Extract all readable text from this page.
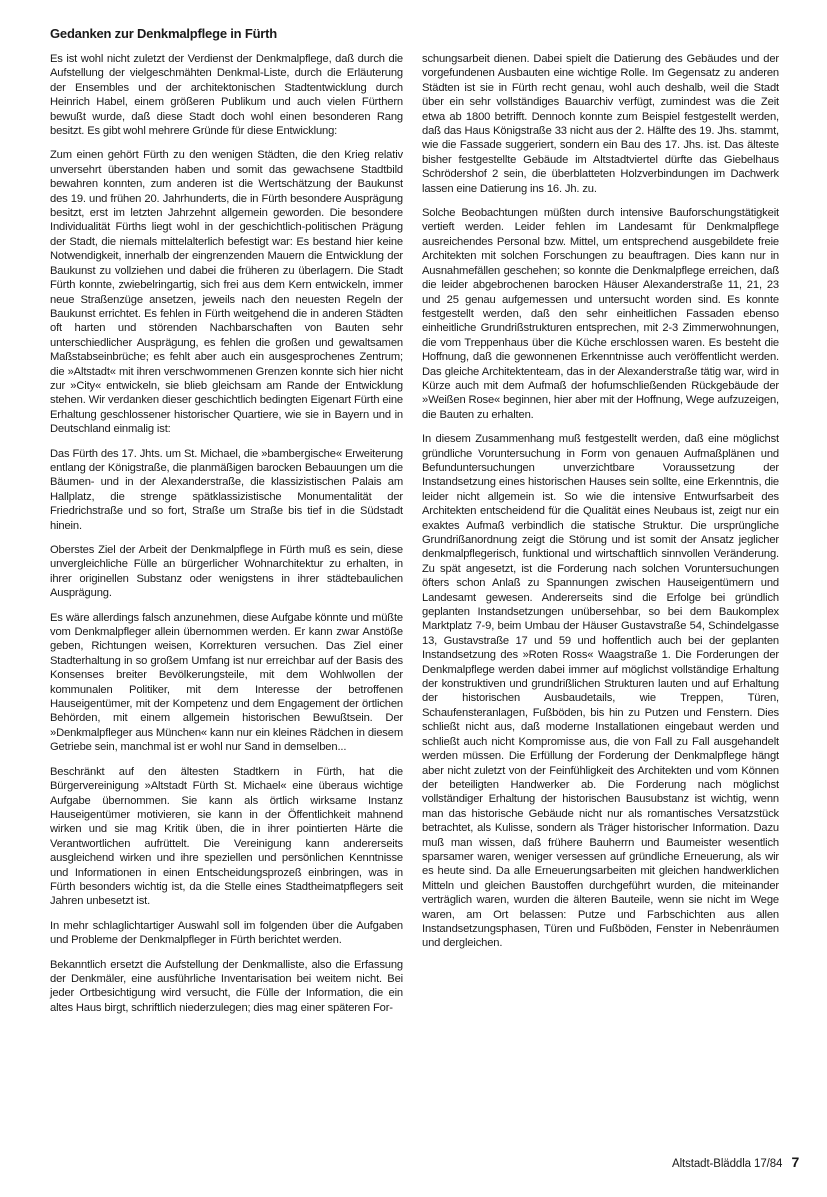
Gedanken zur Denkmalpflege in Fürth

Es ist wohl nicht zuletzt der Verdienst der Denkmalpflege, daß durch die Aufstellung der vielgeschmähten Denkmal-Liste, durch die Erläuterung der Ensembles und der architektonischen Stadtentwicklung durch Heinrich Habel, einem größeren Publikum und auch vielen Fürthern bewußt wurde, daß diese Stadt doch wohl einen besonderen Rang besitzt. Es gibt wohl mehrere Gründe für diese Entwicklung:

Zum einen gehört Fürth zu den wenigen Städten, die den Krieg relativ unversehrt überstanden haben und somit das gewachsene Stadtbild bewahren konnten, zum anderen ist die Wertschätzung der Baukunst des 19. und frühen 20. Jahrhunderts, die in Fürth besondere Ausprägung besitzt, erst im letzten Jahrzehnt allgemein geworden. Die besondere Individualität Fürths liegt wohl in der geschichtlich-politischen Prägung der Stadt, die niemals mittelalterlich befestigt war: Es bestand hier keine Notwendigkeit, innerhalb der eingrenzenden Mauern die Entwicklung der Baukunst zu vollziehen und dabei die früheren zu überlagern. Die Stadt Fürth konnte, zwiebelringartig, sich frei aus dem Kern entwickeln, immer neue Straßenzüge ansetzen, jeweils nach den neuesten Regeln der Baukunst errichtet. Es fehlen in Fürth weitgehend die in anderen Städten oft harten und störenden Nachbarschaften von Bauten sehr unterschiedlicher Ausprägung, es fehlen die großen und gewaltsamen Maßstabseinbrüche; es fehlt aber auch ein ausgesprochenes Zentrum; die »Altstadt« mit ihren verschwommenen Grenzen konnte sich hier nicht zur »City« entwickeln, sie blieb gleichsam am Rande der Entwicklung stehen. Wir verdanken dieser geschichtlich bedingten Eigenart Fürth eine Erhaltung geschlossener historischer Quartiere, wie sie in Bayern und in Deutschland einmalig ist:

Das Fürth des 17. Jhts. um St. Michael, die »bambergische« Erweiterung entlang der Königstraße, die planmäßigen barocken Bebauungen um die Bäumen- und in der Alexanderstraße, die klassizistischen Palais am Hallplatz, die strenge spätklassizistische Monumentalität der Friedrichstraße und so fort, Straße um Straße bis tief in die Südstadt hinein.

Oberstes Ziel der Arbeit der Denkmalpflege in Fürth muß es sein, diese unvergleichliche Fülle an bürgerlicher Wohnarchitektur zu erhalten, in ihrer originellen Substanz oder wenigstens in ihrer städtebaulichen Ausprägung.

Es wäre allerdings falsch anzunehmen, diese Aufgabe könnte und müßte vom Denkmalpfleger allein übernommen werden. Er kann zwar Anstöße geben, Richtungen weisen, Korrekturen versuchen. Das Ziel einer Stadterhaltung in so großem Umfang ist nur erreichbar auf der Basis des Konsenses breiter Bevölkerungsteile, mit dem Wohlwollen der kommunalen Politiker, mit dem Interesse der betroffenen Hauseigentümer, mit der Kompetenz und dem Engagement der örtlichen Behörden, mit einem allgemein historischen Bewußtsein. Der »Denkmalpfleger aus München« kann nur ein kleines Rädchen in diesem Getriebe sein, manchmal ist er wohl nur Sand in demselben...

Beschränkt auf den ältesten Stadtkern in Fürth, hat die Bürgervereinigung »Altstadt Fürth St. Michael« eine überaus wichtige Aufgabe übernommen. Sie kann als örtlich wirksame Instanz Hauseigentümer motivieren, sie kann in der Öffentlichkeit mahnend wirken und sie mag Kritik üben, die in ihrer pointierten Härte die Verantwortlichen aufrüttelt. Die Vereinigung kann andererseits ausgleichend wirken und ihre speziellen und persönlichen Kenntnisse und Informationen in einen Entscheidungsprozeß einbringen, was in Fürth besonders wichtig ist, da die Stelle eines Stadtheimatpflegers seit Jahren unbesetzt ist.

In mehr schlaglichtartiger Auswahl soll im folgenden über die Aufgaben und Probleme der Denkmalpfleger in Fürth berichtet werden.

Bekanntlich ersetzt die Aufstellung der Denkmalliste, also die Erfassung der Denkmäler, eine ausführliche Inventarisation bei weitem nicht. Bei jeder Ortbesichtigung wird versucht, die Fülle der Information, die ein altes Haus birgt, schriftlich niederzulegen; dies mag einer späteren For-

schungsarbeit dienen. Dabei spielt die Datierung des Gebäudes und der vorgefundenen Ausbauten eine wichtige Rolle. Im Gegensatz zu anderen Städten ist sie in Fürth recht genau, wohl auch deshalb, weil die Stadt über ein sehr vollständiges Bauarchiv verfügt, zumindest was die Zeit etwa ab 1800 betrifft. Dennoch konnte zum Beispiel festgestellt werden, daß das Haus Königstraße 33 nicht aus der 2. Hälfte des 19. Jhs. stammt, wie die Fassade suggeriert, sondern ein Bau des 17. Jhs. ist. Das älteste bisher festgestellte Gebäude im Altstadtviertel dürfte das Giebelhaus Schrödershof 2 sein, die überblatteten Holzverbindungen im Dachwerk lassen eine Datierung ins 16. Jh. zu.

Solche Beobachtungen müßten durch intensive Bauforschungstätigkeit vertieft werden. Leider fehlen im Landesamt für Denkmalpflege ausreichendes Personal bzw. Mittel, um entsprechend ausgebildete freie Architekten mit solchen Forschungen zu beauftragen. Dies kann nur in Ausnahmefällen geschehen; so konnte die Denkmalpflege erreichen, daß die leider abgebrochenen barocken Häuser Alexanderstraße 11, 21, 23 und 25 genau aufgemessen und untersucht worden sind. Es konnte festgestellt werden, daß den sehr einheitlichen Fassaden ebenso einheitliche Grundrißstrukturen entsprechen, mit 2-3 Zimmerwohnungen, die vom Treppenhaus über die Küche erschlossen waren. Es besteht die Hoffnung, daß die gewonnenen Erkenntnisse auch veröffentlicht werden. Das gleiche Architektenteam, das in der Alexanderstraße tätig war, wird in Kürze auch mit dem Aufmaß der hofumschließenden Rückgebäude der »Weißen Rose« beginnen, hier aber mit der Hoffnung, Wege aufzuzeigen, die Bauten zu erhalten.

In diesem Zusammenhang muß festgestellt werden, daß eine möglichst gründliche Voruntersuchung in Form von genauen Aufmaßplänen und Befunduntersuchungen unverzichtbare Voraussetzung der Instandsetzung eines historischen Hauses sein sollte, eine Erkenntnis, die leider nicht allgemein ist. So wie die intensive Entwurfsarbeit des Architekten entscheidend für die Qualität eines Neubaus ist, zeigt nur ein exaktes Aufmaß verbindlich die statische Struktur. Die ursprüngliche Grundrißanordnung zeigt die Störung und ist somit der Ansatz jeglicher denkmalpflegerisch, funktional und wirtschaftlich sinnvollen Veränderung. Zu spät angesetzt, ist die Forderung nach solchen Voruntersuchungen öfters schon Anlaß zu Spannungen zwischen Hauseigentümern und Landesamt gewesen. Andererseits sind die Erfolge bei gründlich geplanten Instandsetzungen unübersehbar, so bei dem Baukomplex Marktplatz 7-9, beim Umbau der Häuser Gustavstraße 54, Schindelgasse 13, Gustavstraße 17 und 59 und hoffentlich auch bei der geplanten Instandsetzung des »Roten Ross« Waagstraße 1. Die Forderungen der Denkmalpflege werden dabei immer auf möglichst vollständige Erhaltung der konstruktiven und grundrißlichen Strukturen lauten und auf Erhaltung der historischen Ausbaudetails, wie Treppen, Türen, Schaufensteranlagen, Fußböden, bis hin zu Putzen und Fenstern. Dies schließt nicht aus, daß moderne Installationen eingebaut werden und schließt auch nicht Kompromisse aus, die von Fall zu Fall ausgehandelt werden müssen. Die Erfüllung der Forderung der Denkmalpflege hängt aber nicht zuletzt von der Feinfühligkeit des Architekten und vom Können der beteiligten Handwerker ab. Die Forderung nach möglichst vollständiger Erhaltung der historischen Bausubstanz ist wichtig, wenn man das historische Gebäude nicht nur als romantisches Versatzstück betrachtet, als Kulisse, sondern als Träger historischer Information. Dazu muß man wissen, daß frühere Bauherrn und Baumeister wesentlich sparsamer waren, weniger versessen auf gründliche Erneuerung, als wir es heute sind. Da alle Erneuerungsarbeiten mit gleichen handwerklichen Mitteln und gleichen Baustoffen durchgeführt wurden, die miteinander verträglich waren, wurden die älteren Bauteile, wenn sie nicht im Wege waren, am Ort belassen: Putze und Farbschichten aus allen Instandsetzungsphasen, Türen und Fußböden, Fenster in Nebenräumen und dergleichen.

Altstadt-Bläddla 17/84 7
